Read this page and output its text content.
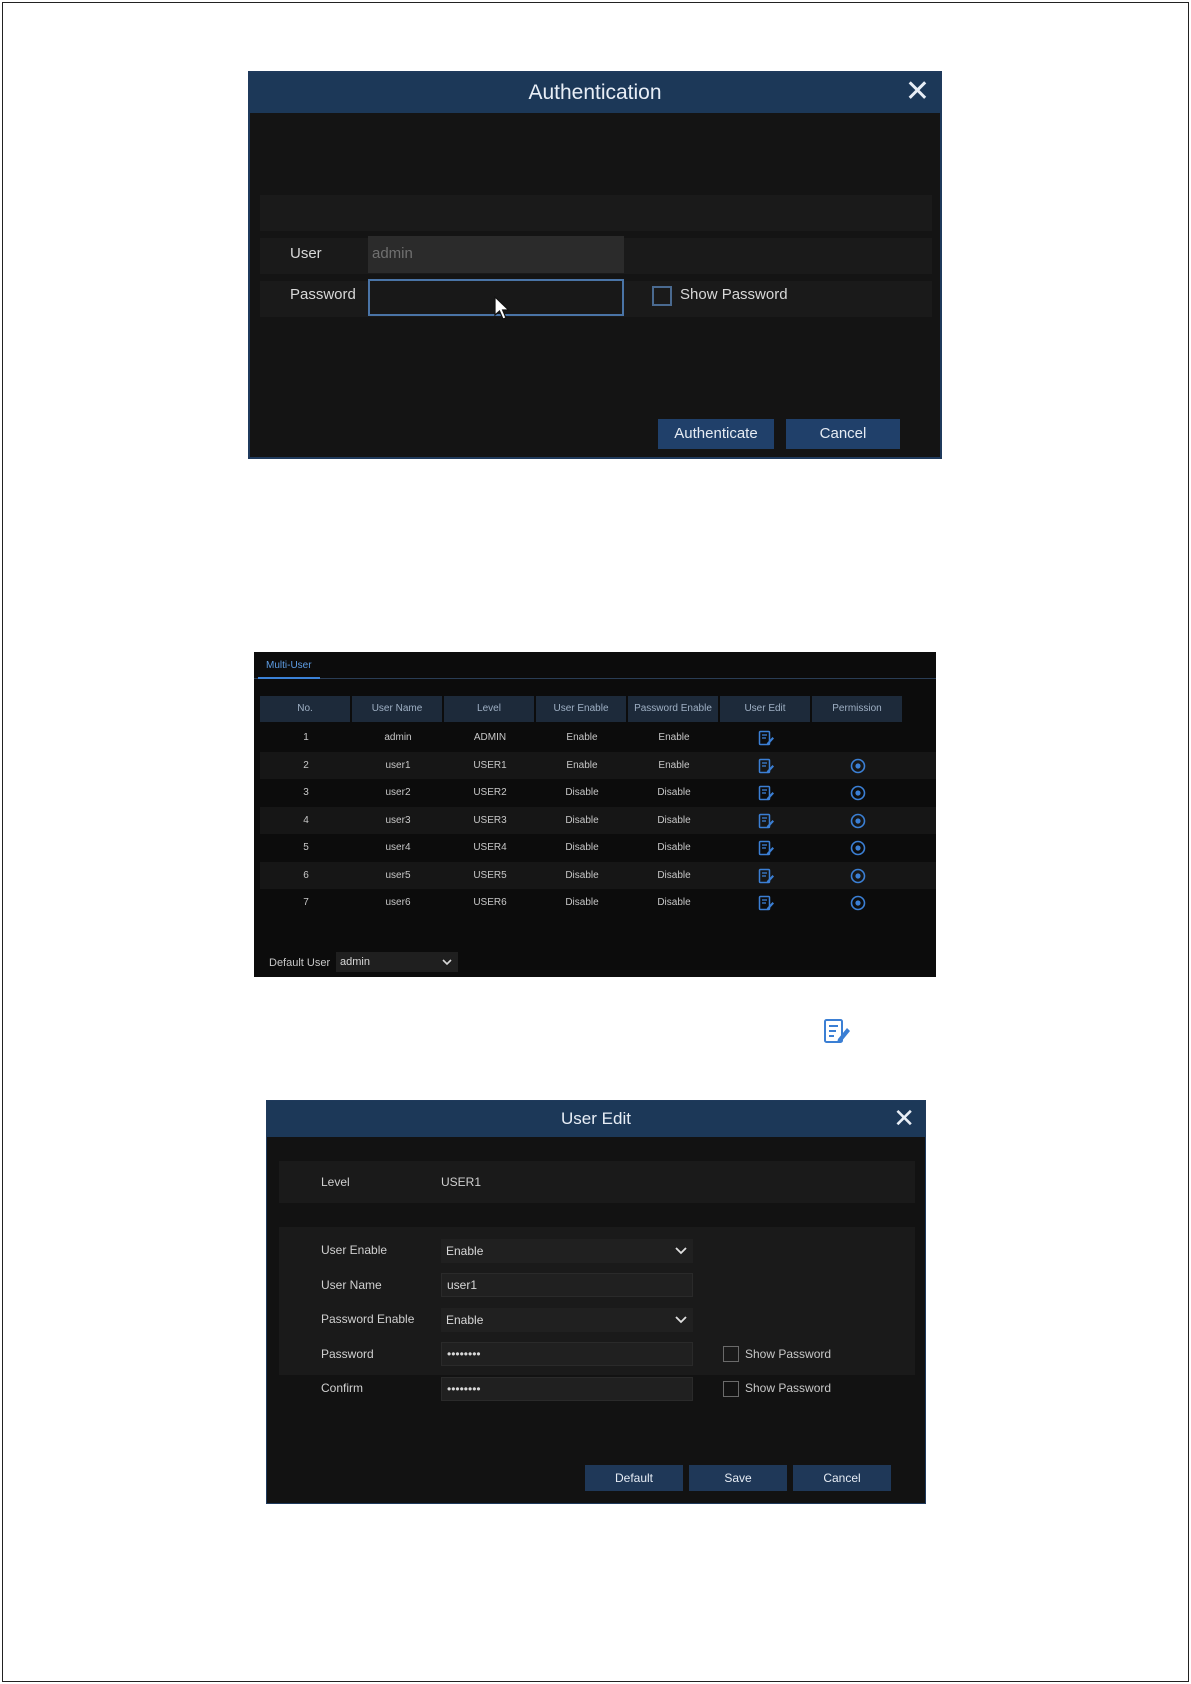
Authentication	✕
User	admin
Password	Show Password
Authenticate	Cancel
Multi-User
No.	User Name	Level	User Enable	Password Enable	User Edit	Permission
1	admin	ADMIN	Enable	Enable
2	user1	USER1	Enable	Enable
3	user2	USER2	Disable	Disable
4	user3	USER3	Disable	Disable
5	user4	USER4	Disable	Disable
6	user5	USER5	Disable	Disable
7	user6	USER6	Disable	Disable
Default User admin
User Edit	✕
Level	USER1
User Enable	Enable
User Name	user1
Password Enable	Enable
Password	••••••••	Show Password
Confirm	••••••••	Show Password
Default	Save	Cancel
